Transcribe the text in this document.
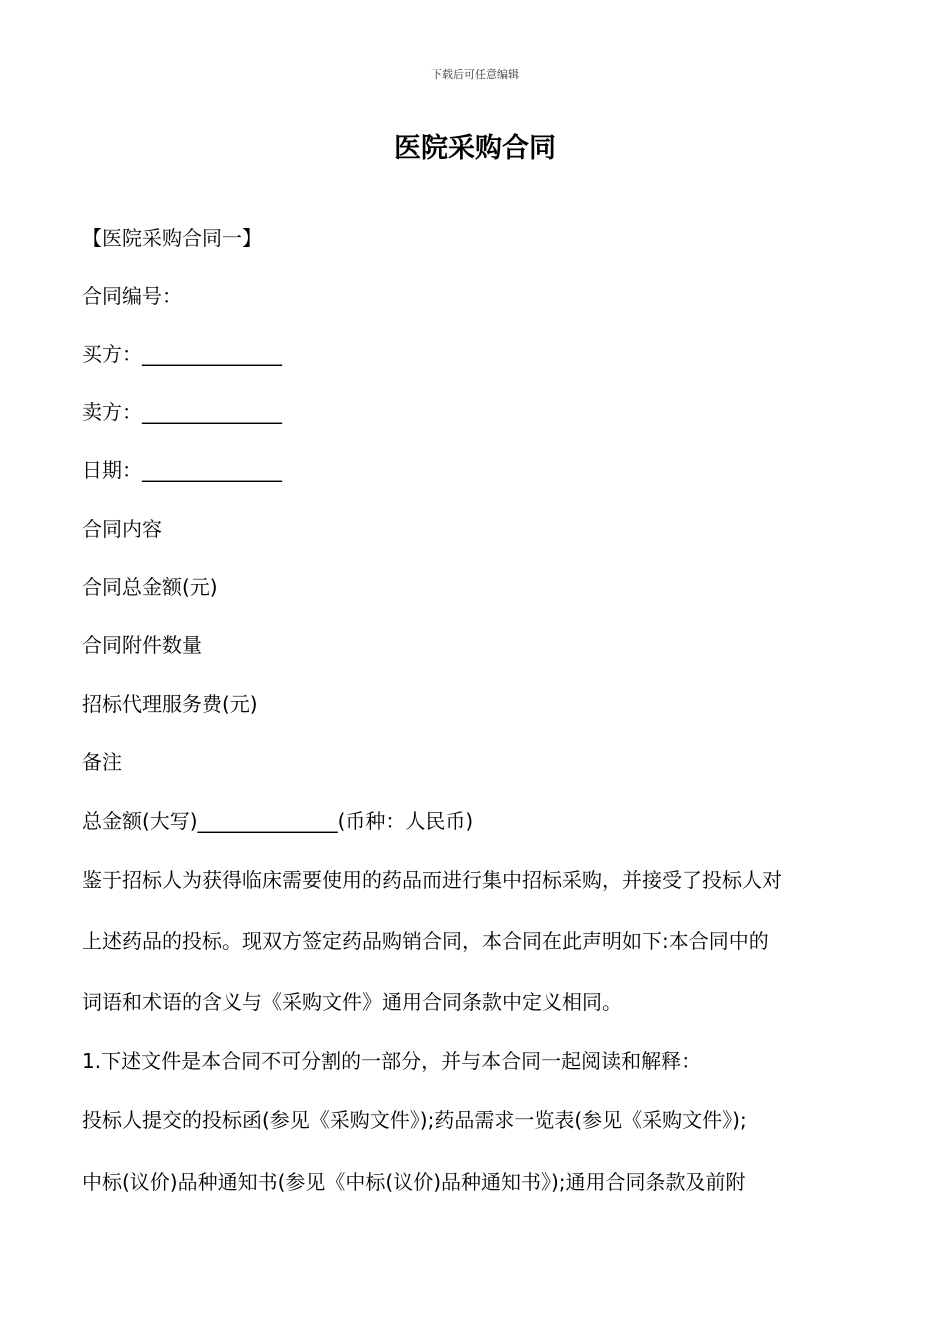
下载后可任意编辑
医院采购合同
【医院采购合同一】
合同编号：
买方：______________
卖方：______________
日期：______________
合同内容
合同总金额(元)
合同附件数量
招标代理服务费(元)
备注
总金额(大写)______________(币种：人民币)
鉴于招标人为获得临床需要使用的药品而进行集中招标采购，并接受了投标人对
上述药品的投标。现双方签定药品购销合同，本合同在此声明如下:本合同中的
词语和术语的含义与《采购文件》通用合同条款中定义相同。
1.下述文件是本合同不可分割的一部分，并与本合同一起阅读和解释：
投标人提交的投标函(参见《采购文件》);药品需求一览表(参见《采购文件》);
中标(议价)品种通知书(参见《中标(议价)品种通知书》);通用合同条款及前附
